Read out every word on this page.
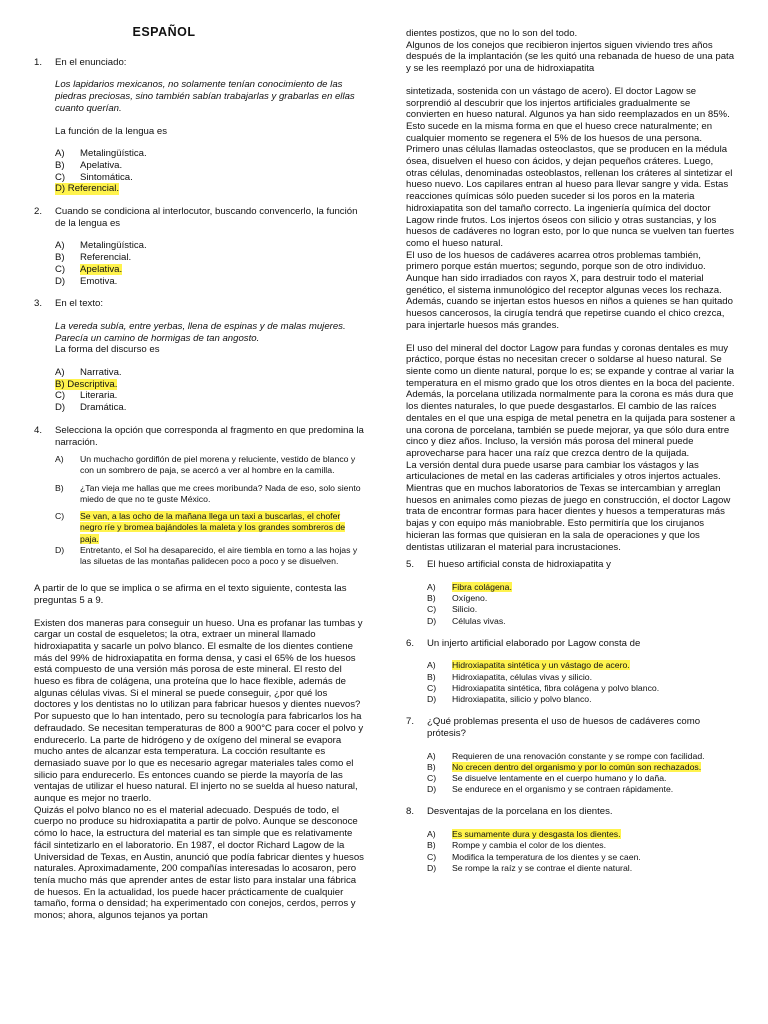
ESPAÑOL
1.	En el enunciado:
Los lapidarios mexicanos, no solamente tenían conocimiento de las piedras preciosas, sino también sabían trabajarlas y grabarlas en ellas cuanto querían.
La función de la lengua es
A)	Metalingüística.
B)	Apelativa.
C)	Sintomática.
D) Referencial.
2.	Cuando se condiciona al interlocutor, buscando convencerlo, la función de la lengua es
A)	Metalingüística.
B)	Referencial.
C)	Apelativa.
D)	Emotiva.
3.	En el texto:
La vereda subía, entre yerbas, llena de espinas y de malas mujeres. Parecía un camino de hormigas de tan angosto.
La forma del discurso es
A)	Narrativa.
B) Descriptiva.
C)	Literaria.
D)	Dramática.
4.	Selecciona la opción que corresponda al fragmento en que predomina la narración.
A)	Un muchacho gordiflón de piel morena y reluciente, vestido de blanco y con un sombrero de paja, se acercó a ver al hombre en la camilla.
B)	¿Tan vieja me hallas que me crees moribunda? Nada de eso, solo siento miedo de que no te guste México.
C)	Se van, a las ocho de la mañana llega un taxi a buscarlas, el chofer negro ríe y bromea bajándoles la maleta y los grandes sombreros de paja.
D)	Entretanto, el Sol ha desaparecido, el aire tiembla en torno a las hojas y las siluetas de las montañas palidecen poco a poco y se disuelven.
A partir de lo que se implica o se afirma en el texto siguiente, contesta las preguntas 5 a 9.
Existen dos maneras para conseguir un hueso. Una es profanar las tumbas y cargar un costal de esqueletos; la otra, extraer un mineral llamado hidroxiapatita y sacarle un polvo blanco. El esmalte de los dientes contiene más del 99% de hidroxiapatita en forma densa, y casi el 65% de los huesos está compuesto de una versión más porosa de este mineral. El resto del hueso es fibra de colágena, una proteína que lo hace flexible, además de algunas células vivas. Si el mineral se puede conseguir, ¿por qué los doctores y los dentistas no lo utilizan para fabricar huesos y dientes nuevos?
Por supuesto que lo han intentado, pero su tecnología para fabricarlos los ha defraudado. Se necesitan temperaturas de 800 a 900°C para cocer el polvo y endurecerlo. La parte de hidrógeno y de oxígeno del mineral se evapora mucho antes de alcanzar esta temperatura. La cocción resultante es demasiado suave por lo que es necesario agregar materiales tales como el silicio para endurecerlo. Es entonces cuando se pierde la mayoría de las ventajas de utilizar el hueso natural. El injerto no se suelda al hueso natural, aunque es mejor no traerlo.
Quizás el polvo blanco no es el material adecuado. Después de todo, el cuerpo no produce su hidroxiapatita a partir de polvo. Aunque se desconoce cómo lo hace, la estructura del material es tan simple que es relativamente fácil sintetizarlo en el laboratorio. En 1987, el doctor Richard Lagow de la Universidad de Texas, en Austin, anunció que podía fabricar dientes y huesos naturales. Aproximadamente, 200 compañías interesadas lo acosaron, pero tenía mucho más que aprender antes de estar listo para instalar una fábrica de huesos. En la actualidad, los puede hacer prácticamente de cualquier tamaño, forma o densidad; ha experimentado con conejos, cerdos, perros y monos; ahora, algunos tejanos ya portan
dientes postizos, que no lo son del todo.
Algunos de los conejos que recibieron injertos siguen viviendo tres años después de la implantación (se les quitó una rebanada de hueso de una pata y se les reemplazó por una de hidroxiapatita
sintetizada, sostenida con un vástago de acero). El doctor Lagow se sorprendió al descubrir que los injertos artificiales gradualmente se convierten en hueso natural. Algunos ya han sido reemplazados en un 85%. Esto sucede en la misma forma en que el hueso crece naturalmente; en cualquier momento se regenera el 5% de los huesos de una persona. Primero unas células llamadas osteoclastos, que se producen en la médula ósea, disuelven el hueso con ácidos, y dejan pequeños cráteres. Luego, otras células, denominadas osteoblastos, rellenan los cráteres al sintetizar el hueso nuevo. Los capilares entran al hueso para llevar sangre y vida. Estas reacciones químicas sólo pueden suceder si los poros en la materia hidroxiapatita son del tamaño correcto. La ingeniería química del doctor Lagow rinde frutos. Los injertos óseos con silicio y otras sustancias, y los huesos de cadáveres no logran esto, por lo que nunca se vuelven tan fuertes como el hueso natural.
El uso de los huesos de cadáveres acarrea otros problemas también, primero porque están muertos; segundo, porque son de otro individuo. Aunque han sido irradiados con rayos X, para destruir todo el material genético, el sistema inmunológico del receptor algunas veces los rechaza. Además, cuando se injertan estos huesos en niños a quienes se han quitado huesos cancerosos, la cirugía tendrá que repetirse cuando el chico crezca, para injertarle huesos más grandes.
El uso del mineral del doctor Lagow para fundas y coronas dentales es muy práctico, porque éstas no necesitan crecer o soldarse al hueso natural. Se siente como un diente natural, porque lo es; se expande y contrae al variar la temperatura en el mismo grado que los otros dientes en la boca del paciente. Además, la porcelana utilizada normalmente para la corona es más dura que los dientes naturales, lo que puede desgastarlos. El cambio de las raíces dentales en el que una espiga de metal penetra en la quijada para sostener a una corona de porcelana, también se puede mejorar, ya que sólo dura entre cinco y diez años. Incluso, la versión más porosa del mineral puede aprovecharse para hacer una raíz que crezca dentro de la quijada.
La versión dental dura puede usarse para cambiar los vástagos y las articulaciones de metal en las caderas artificiales y otros injertos actuales. Mientras que en muchos laboratorios de Texas se intercambian y arreglan huesos en animales como piezas de juego en construcción, el doctor Lagow trata de encontrar formas para hacer dientes y huesos a temperaturas más bajas y con equipo más maniobrable. Esto permitiría que los cirujanos hicieran las formas que quisieran en la sala de operaciones y que los dentistas utilizaran el material para incrustaciones.
5.	El hueso artificial consta de hidroxiapatita y
A)	Fibra colágena.
B)	Oxígeno.
C)	Silicio.
D)	Células vivas.
6.	Un injerto artificial elaborado por Lagow consta de
A)	Hidroxiapatita sintética y un vástago de acero.
B)	Hidroxiapatita, células vivas y silicio.
C)	Hidroxiapatita sintética, fibra colágena y polvo blanco.
D)	Hidroxiapatita, silicio y polvo blanco.
7.	¿Qué problemas presenta el uso de huesos de cadáveres como prótesis?
A)	Requieren de una renovación constante y se rompe con facilidad.
B)	No crecen dentro del organismo y por lo común son rechazados.
C)	Se disuelve lentamente en el cuerpo humano y lo daña.
D)	Se endurece en el organismo y se contraen rápidamente.
8.	Desventajas de la porcelana en los dientes.
A)	Es sumamente dura y desgasta los dientes.
B)	Rompe y cambia el color de los dientes.
C)	Modifica la temperatura de los dientes y se caen.
D)	Se rompe la raíz y se contrae el diente natural.
